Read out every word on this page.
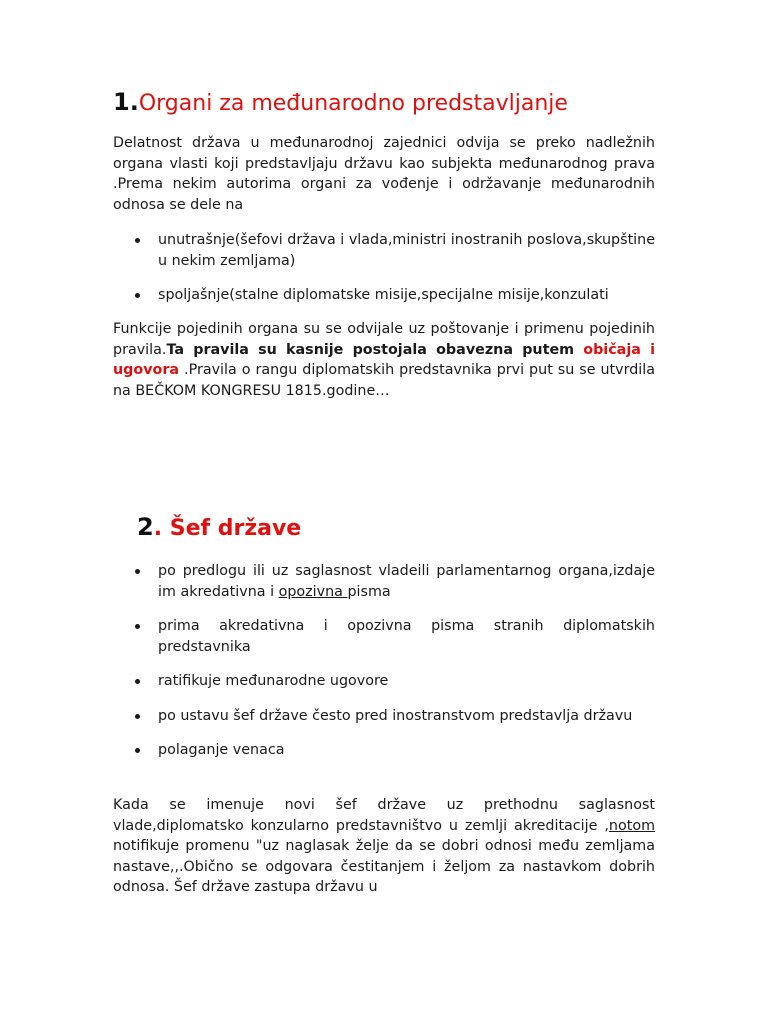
1.Organi za međunarodno predstavljanje

Delatnost država u međunarodnoj zajednici odvija se preko nadležnih organa vlasti koji predstavljaju državu kao subjekta međunarodnog prava .Prema nekim autorima organi za vođenje i održavanje međunarodnih odnosa se dele na

unutrašnje(šefovi država i vlada,ministri inostranih poslova,skupštine u nekim zemljama)
spoljašnje(stalne diplomatske misije,specijalne misije,konzulati

Funkcije pojedinih organa su se odvijale uz poštovanje i primenu pojedinih pravila.Ta pravila su kasnije postojala obavezna putem običaja i ugovora .Pravila o rangu diplomatskih predstavnika prvi put su se utvrdila na BEČKOM KONGRESU 1815.godine…

2. Šef države
po predlogu ili uz saglasnost vladeili parlamentarnog organa,izdaje im akredativna i opozivna pisma
prima akredativna i opozivna pisma stranih diplomatskih predstavnika
ratifikuje međunarodne ugovore
po ustavu šef države često pred inostranstvom predstavlja državu
polaganje venaca

Kada se imenuje novi šef države uz prethodnu saglasnost vlade,diplomatsko konzularno predstavništvo u zemlji akreditacije ,notom notifikuje promenu "uz naglasak želje da se dobri odnosi među zemljama nastave,,.Obično se odgovara čestitanjem i željom za nastavkom dobrih odnosa. Šef države zastupa državu u
